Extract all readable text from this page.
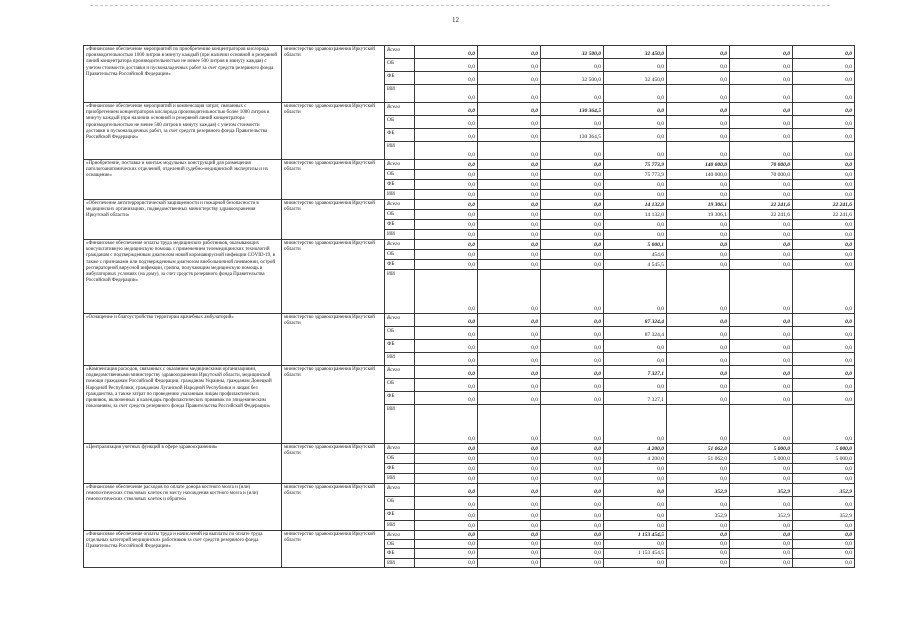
12
«Финансовое обеспечение мероприятий по приобретению концентраторов кислорода производительностью 1000 литров в минуту каждый (при наличии основной и резервной линий концентратора производительностью не менее 500 литров в минуту каждая) с учетом стоимости доставки и пусконаладочных работ за счет средств резервного фонда Правительства Российской Федерации»	министерство здравоохранения Иркутской области	Всего	0,0	0,0	32 500,0	32 450,0	0,0	0,0	0,0
		ОБ	0,0	0,0	0,0	0,0	0,0	0,0	0,0
		ФБ	0,0	0,0	32 500,0	32 450,0	0,0	0,0	0,0
		ИИ	0,0	0,0	0,0	0,0	0,0	0,0	0,0
«Финансовое обеспечение мероприятий и компенсация затрат, связанных с приобретением концентраторов кислорода производительностью более 1000 литров в минуту каждый (при наличии основной и резервной линий концентратора производительностью не менее 500 литров в минуту каждая) с учетом стоимости доставки и пусконаладочных работ, за счет средств резервного фонда Правительства Российской Федерации»	министерство здравоохранения Иркутской области	Всего	0,0	0,0	130 364,5	0,0	0,0	0,0	0,0
		ОБ	0,0	0,0	0,0	0,0	0,0	0,0	0,0
		ФБ	0,0	0,0	130 364,5	0,0	0,0	0,0	0,0
		ИИ	0,0	0,0	0,0	0,0	0,0	0,0	0,0
«Приобретение, поставка и монтаж модульных конструкций для размещения патологоанатомических отделений, отделений судебно-медицинской экспертизы и их оснащение»	министерство здравоохранения Иркутской области	Всего	0,0	0,0	0,0	75 773,9	140 000,0	70 000,0	0,0
		ОБ	0,0	0,0	0,0	75 773,9	140 000,0	70 000,0	0,0
		ФБ	0,0	0,0	0,0	0,0	0,0	0,0	0,0
		ИИ	0,0	0,0	0,0	0,0	0,0	0,0	0,0
«Обеспечение антитеррористической защищенности и пожарной безопасности в медицинских организациях, подведомственных министерству здравоохранения Иркутской области»	министерство здравоохранения Иркутской области	Всего	0,0	0,0	0,0	14 132,0	19 306,1	22 241,6	22 241,6
		ОБ	0,0	0,0	0,0	14 132,0	19 306,1	22 241,6	22 241,6
		ФБ	0,0	0,0	0,0	0,0	0,0	0,0	0,0
		ИИ	0,0	0,0	0,0	0,0	0,0	0,0	0,0
«Финансовое обеспечение оплаты труда медицинских работников, оказывающих консультативную медицинскую помощь с применением телемедицинских технологий гражданам с подтвержденным диагнозом новой коронавирусной инфекции COVID-19, в также с признаками или подтвержденным диагнозом внебольничной пневмонии, острой респираторной вирусной инфекции, гриппа, получающим медицинскую помощь в амбулаторных условиях (на дому), за счет средств резервного фонда Правительства Российской Федерации»	министерство здравоохранения Иркутской области	Всего	0,0	0,0	0,0	5 000,1	0,0	0,0	0,0
		ОБ	0,0	0,0	0,0	454,6	0,0	0,0	0,0
		ФБ	0,0	0,0	0,0	4 545,5	0,0	0,0	0,0
		ИИ	0,0	0,0	0,0	0,0	0,0	0,0	0,0
«Оснащение и благоустройство территории врачебных амбулаторий»	министерство здравоохранения Иркутской области	Всего	0,0	0,0	0,0	87 324,4	0,0	0,0	0,0
		ОБ	0,0	0,0	0,0	87 324,4	0,0	0,0	0,0
		ФБ	0,0	0,0	0,0	0,0	0,0	0,0	0,0
		ИИ	0,0	0,0	0,0	0,0	0,0	0,0	0,0
«Компенсация расходов, связанных с оказанием медицинскими организациями, подведомственными министерству здравоохранения Иркутской области, медицинской помощи гражданам Российской Федерации, гражданам Украины, гражданам Донецкой Народной Республики, гражданам Луганской Народной Республики и лицам без гражданства, а также затрат по проведению указанным лицам профилактических прививок, включенных в календарь профилактических прививок по эпидемическим показаниям, за счет средств резервного фонда Правительства Российской Федерации»	министерство здравоохранения Иркутской области	Всего	0,0	0,0	0,0	7 327,1	0,0	0,0	0,0
		ОБ	0,0	0,0	0,0	0,0	0,0	0,0	0,0
		ФБ	0,0	0,0	0,0	7 327,1	0,0	0,0	0,0
		ИИ	0,0	0,0	0,0	0,0	0,0	0,0	0,0
«Централизация учетных функций в сфере здравоохранения»	министерство здравоохранения Иркутской области	Всего	0,0	0,0	0,0	4 200,0	51 062,0	5 000,0	5 000,0
		ОБ	0,0	0,0	0,0	4 200,0	51 062,0	5 000,0	5 000,0
		ФБ	0,0	0,0	0,0	0,0	0,0	0,0	0,0
		ИИ	0,0	0,0	0,0	0,0	0,0	0,0	0,0
«Финансовое обеспечение расходов по оплате донора костного мозга и (или) гемопоэтических стволовых клеток по месту нахождения костного мозга и (или) гемопоэтических стволовых клеток и обратно»	министерство здравоохранения Иркутской области	Всего	0,0	0,0	0,0	0,0	352,9	352,9	352,9
		ОБ	0,0	0,0	0,0	0,0	0,0	0,0	0,0
		ФБ	0,0	0,0	0,0	0,0	352,9	352,9	352,9
		ИИ	0,0	0,0	0,0	0,0	0,0	0,0	0,0
«Финансовое обеспечение оплаты труда и начислений на выплаты по оплате труда отдельных категорий медицинских работников за счет средств резервного фонда Правительства Российской Федерации»	министерство здравоохранения Иркутской области	Всего	0,0	0,0	0,0	1 153 454,5	0,0	0,0	0,0
		ОБ	0,0	0,0	0,0	0,0	0,0	0,0	0,0
		ФБ	0,0	0,0	0,0	1 153 454,5	0,0	0,0	0,0
		ИИ	0,0	0,0	0,0	0,0	0,0	0,0	0,0
